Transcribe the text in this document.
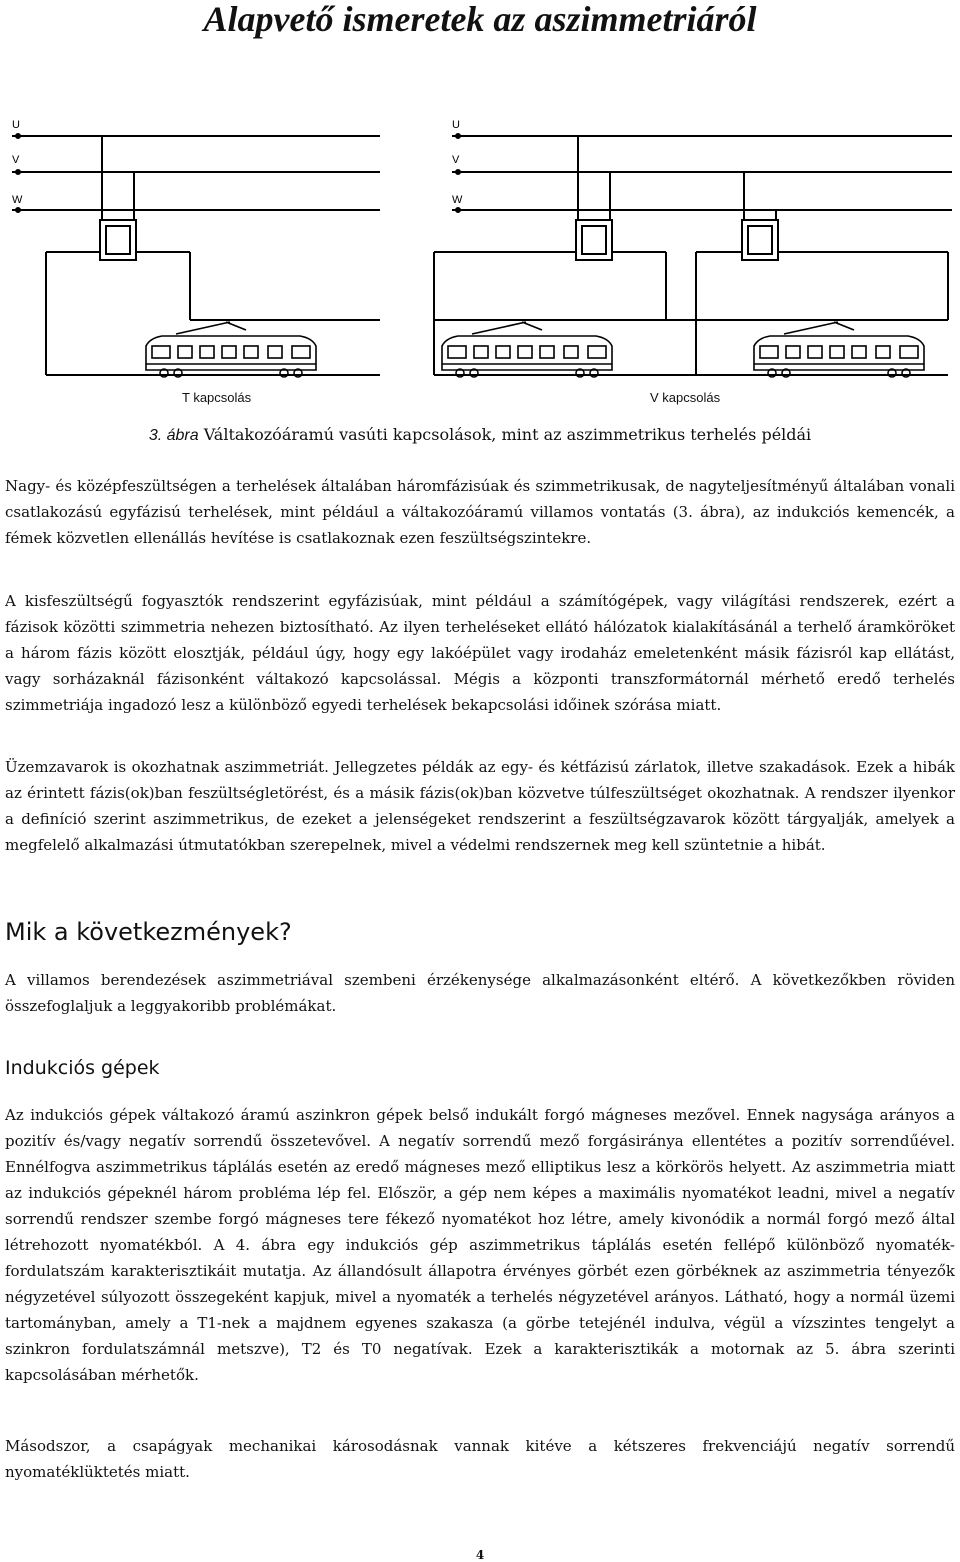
Alapvető ismeretek az aszimmetriáról
U
V
W
U
V
W
T kapcsolás	V kapcsolás
3. ábra Váltakozóáramú vasúti kapcsolások, mint az aszimmetrikus terhelés példái

Nagy- és középfeszültségen a terhelések általában háromfázisúak és szimmetrikusak, de nagyteljesítményű általában vonali csatlakozású egyfázisú terhelések, mint például a váltakozóáramú villamos vontatás (3. ábra), az indukciós kemencék, a fémek közvetlen ellenállás hevítése is csatlakoznak ezen feszültségszintekre.

A kisfeszültségű fogyasztók rendszerint egyfázisúak, mint például a számítógépek, vagy világítási rendszerek, ezért a fázisok közötti szimmetria nehezen biztosítható. Az ilyen terheléseket ellátó hálózatok kialakításánál a terhelő áramköröket a három fázis között elosztják, például úgy, hogy egy lakóépület vagy irodaház emeletenként másik fázisról kap ellátást, vagy sorházaknál fázisonként váltakozó kapcsolással. Mégis a központi transzformátornál mérhető eredő terhelés szimmetriája ingadozó lesz a különböző egyedi terhelések bekapcsolási időinek szórása miatt.

Üzemzavarok is okozhatnak aszimmetriát. Jellegzetes példák az egy- és kétfázisú zárlatok, illetve szakadások. Ezek a hibák az érintett fázis(ok)ban feszültségletörést, és a másik fázis(ok)ban közvetve túlfeszültséget okozhatnak. A rendszer ilyenkor a definíció szerint aszimmetrikus, de ezeket a jelenségeket rendszerint a feszültségzavarok között tárgyalják, amelyek a megfelelő alkalmazási útmutatókban szerepelnek, mivel a védelmi rendszernek meg kell szüntetnie a hibát.

Mik a következmények?

A villamos berendezések aszimmetriával szembeni érzékenysége alkalmazásonként eltérő. A következőkben röviden összefoglaljuk a leggyakoribb problémákat.

Indukciós gépek

Az indukciós gépek váltakozó áramú aszinkron gépek belső indukált forgó mágneses mezővel. Ennek nagysága arányos a pozitív és/vagy negatív sorrendű összetevővel. A negatív sorrendű mező forgásiránya ellentétes a pozitív sorrendűével. Ennélfogva aszimmetrikus táplálás esetén az eredő mágneses mező elliptikus lesz a körkörös helyett. Az aszimmetria miatt az indukciós gépeknél három probléma lép fel. Először, a gép nem képes a maximális nyomatékot leadni, mivel a negatív sorrendű rendszer szembe forgó mágneses tere fékező nyomatékot hoz létre, amely kivonódik a normál forgó mező által létrehozott nyomatékból. A 4. ábra egy indukciós gép aszimmetrikus táplálás esetén fellépő különböző nyomaték-fordulatszám karakterisztikáit mutatja. Az állandósult állapotra érvényes görbét ezen görbéknek az aszimmetria tényezők négyzetével súlyozott összegeként kapjuk, mivel a nyomaték a terhelés négyzetével arányos. Látható, hogy a normál üzemi tartományban, amely a T1-nek a majdnem egyenes szakasza (a görbe tetejénél indulva, végül a vízszintes tengelyt a szinkron fordulatszámnál metszve), T2 és T0 negatívak. Ezek a karakterisztikák a motornak az 5. ábra szerinti kapcsolásában mérhetők.

Másodszor, a csapágyak mechanikai károsodásnak vannak kitéve a kétszeres frekvenciájú negatív sorrendű nyomatéklüktetés miatt.

4
